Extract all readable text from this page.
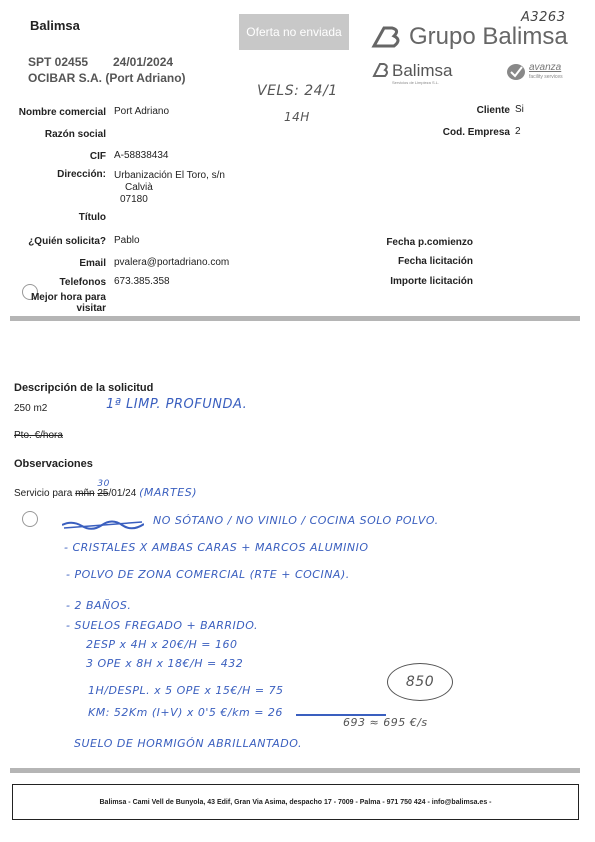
Balimsa
SPT 02455 24/01/2024
OCIBAR S.A. (Port Adriano)
Oferta no enviada	Grupo Balimsa
A3263
Balimsa
Servicios de Limpieza S.L.
avanza
facility services
VELS: 24/1
14H
Nombre comercial Port Adriano
Razón social
CIF A-58838434
Dirección: Urbanización El Toro, s/n
Calvià
07180
Título
¿Quién solicita? Pablo
Email pvalera@portadriano.com
Telefonos 673.385.358
Mejor hora para
visitar
Cliente Si
Cod. Empresa 2
Fecha p.comienzo
Fecha licitación
Importe licitación
Descripción de la solicitud
250 m2	1ª LIMP. PROFUNDA.
Pto. €/hora
Observaciones
Servicio para mñn 25
30
/01/24 (MARTES)
NO SÓTANO / NO VINILO / COCINA SOLO POLVO.
- CRISTALES X AMBAS CARAS + MARCOS ALUMINIO
- POLVO DE ZONA COMERCIAL (RTE + COCINA).
- 2 BAÑOS.
- SUELOS FREGADO + BARRIDO.
2ESP x 4H x 20€/H = 160
3 OPE x 8H x 18€/H = 432
1H/DESPL. x 5 OPE x 15€/H = 75
KM: 52Km (I+V) x 0'5 €/km = 26
693 ≈ 695 €/s
850
SUELO DE HORMIGÓN ABRILLANTADO.
Balimsa - Cami Vell de Bunyola, 43 Edif, Gran Via Asima, despacho 17 - 7009 - Palma - 971 750 424 - info@balimsa.es -
